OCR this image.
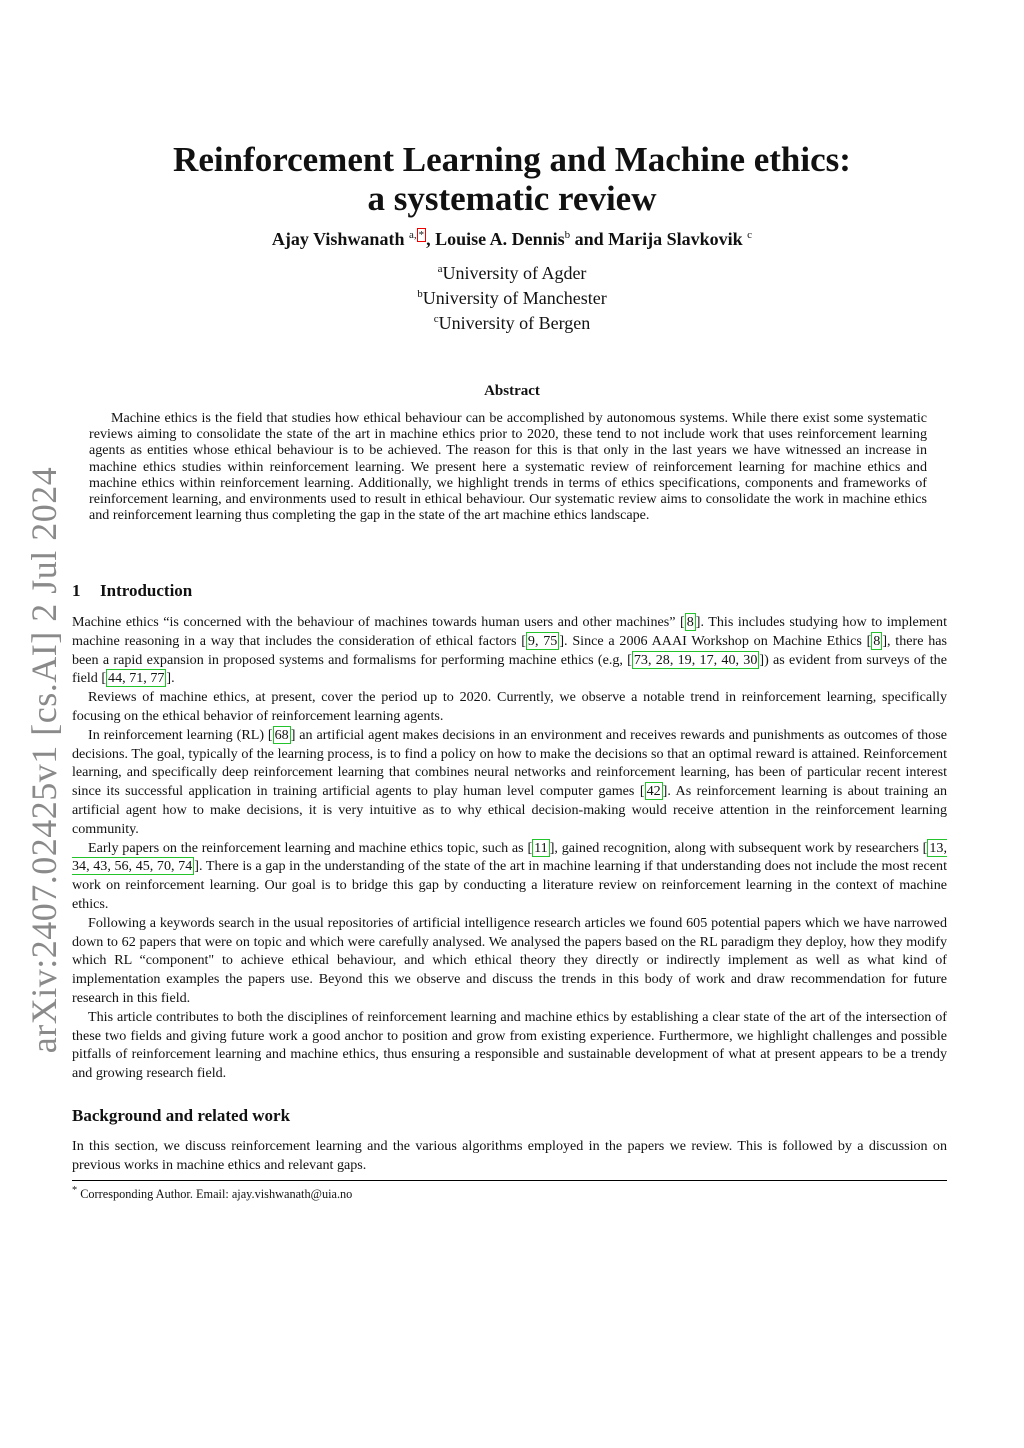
arXiv:2407.02425v1 [cs.AI] 2 Jul 2024
Reinforcement Learning and Machine ethics:
a systematic review
Ajay Vishwanath $^{a, *}$ , Louise A. Dennis$^b$ and Marija Slavkovik $^c$
$^a$University of Agder
$^b$University of Manchester
$^c$University of Bergen
Abstract
Machine ethics is the field that studies how ethical behaviour can be accomplished by autonomous systems. While there exist some systematic reviews aiming to consolidate the state of the art in machine ethics prior to 2020, these tend to not include work that uses reinforcement learning agents as entities whose ethical behaviour is to be achieved. The reason for this is that only in the last years we have witnessed an increase in machine ethics studies within reinforcement learning. We present here a systematic review of reinforcement learning for machine ethics and machine ethics within reinforcement learning. Additionally, we highlight trends in terms of ethics specifications, components and frameworks of reinforcement learning, and environments used to result in ethical behaviour. Our systematic review aims to consolidate the work in machine ethics and reinforcement learning thus completing the gap in the state of the art machine ethics landscape.
1 Introduction

Machine ethics “is concerned with the behaviour of machines towards human users and other machines” [ 8 ]. This includes studying how to implement machine reasoning in a way that includes the consideration of ethical factors [ 9, 75 ]. Since a 2006 AAAI Workshop on Machine Ethics [ 8 ], there has been a rapid expansion in proposed systems and formalisms for performing machine ethics (e.g, [ 73, 28, 19, 17, 40, 30 ]) as evident from surveys of the field [ 44, 71, 77 ].

Reviews of machine ethics, at present, cover the period up to 2020. Currently, we observe a notable trend in reinforcement learning, specifically focusing on the ethical behavior of reinforcement learning agents.

In reinforcement learning (RL) [ 68 ] an artificial agent makes decisions in an environment and receives rewards and punishments as outcomes of those decisions. The goal, typically of the learning process, is to find a policy on how to make the decisions so that an optimal reward is attained. Reinforcement learning, and specifically deep reinforcement learning that combines neural networks and reinforcement learning, has been of particular recent interest since its successful application in training artificial agents to play human level computer games [ 42 ]. As reinforcement learning is about training an artificial agent how to make decisions, it is very intuitive as to why ethical decision-making would receive attention in the reinforcement learning community.

Early papers on the reinforcement learning and machine ethics topic, such as [ 11 ], gained recognition, along with subsequent work by researchers [ 13, 34, 43, 56, 45, 70, 74 ]. There is a gap in the understanding of the state of the art in machine learning if that understanding does not include the most recent work on reinforcement learning. Our goal is to bridge this gap by conducting a literature review on reinforcement learning in the context of machine ethics.

Following a keywords search in the usual repositories of artificial intelligence research articles we found 605 potential papers which we have narrowed down to 62 papers that were on topic and which were carefully analysed. We analysed the papers based on the RL paradigm they deploy, how they modify which RL “component" to achieve ethical behaviour, and which ethical theory they directly or indirectly implement as well as what kind of implementation examples the papers use. Beyond this we observe and discuss the trends in this body of work and draw recommendation for future research in this field.

This article contributes to both the disciplines of reinforcement learning and machine ethics by establishing a clear state of the art of the intersection of these two fields and giving future work a good anchor to position and grow from existing experience. Furthermore, we highlight challenges and possible pitfalls of reinforcement learning and machine ethics, thus ensuring a responsible and sustainable development of what at present appears to be a trendy and growing research field.

Background and related work
In this section, we discuss reinforcement learning and the various algorithms employed in the papers we review. This is followed by a discussion on previous works in machine ethics and relevant gaps.
* Corresponding Author. Email: ajay.vishwanath@uia.no
